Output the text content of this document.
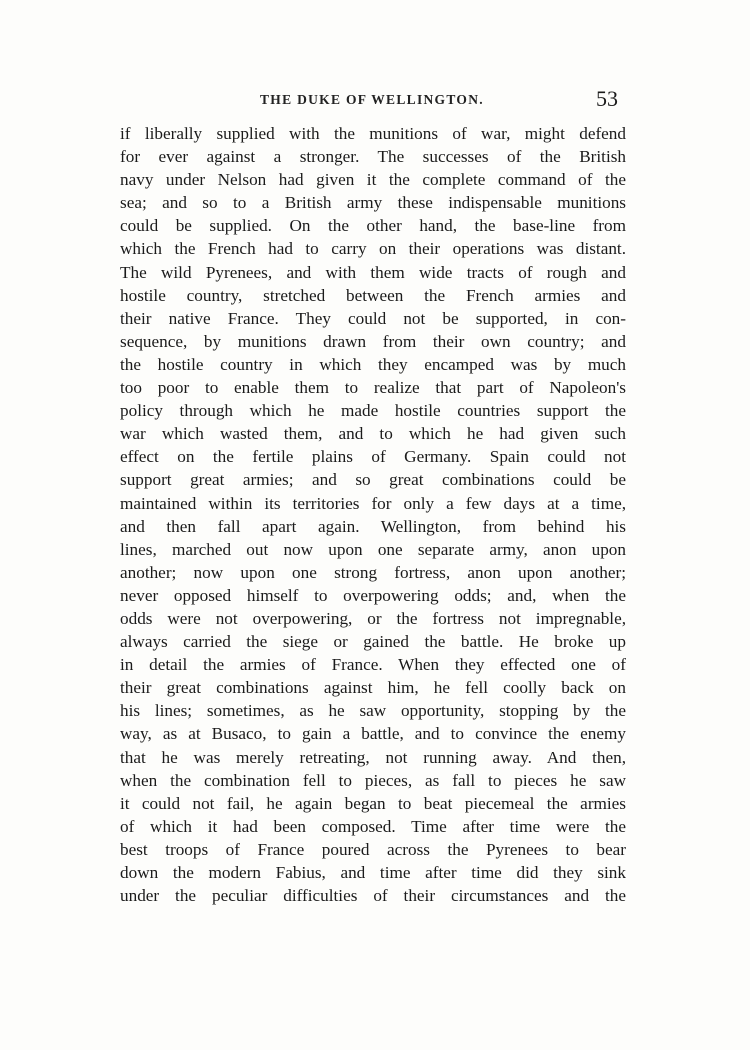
THE DUKE OF WELLINGTON.	53
if liberally supplied with the munitions of war, might defend
for ever against a stronger. The successes of the British
navy under Nelson had given it the complete command of the
sea; and so to a British army these indispensable munitions
could be supplied. On the other hand, the base-line from
which the French had to carry on their operations was distant.
The wild Pyrenees, and with them wide tracts of rough and
hostile country, stretched between the French armies and
their native France. They could not be supported, in con-
sequence, by munitions drawn from their own country; and
the hostile country in which they encamped was by much
too poor to enable them to realize that part of Napoleon's
policy through which he made hostile countries support the
war which wasted them, and to which he had given such
effect on the fertile plains of Germany. Spain could not
support great armies; and so great combinations could be
maintained within its territories for only a few days at a time,
and then fall apart again. Wellington, from behind his
lines, marched out now upon one separate army, anon upon
another; now upon one strong fortress, anon upon another;
never opposed himself to overpowering odds; and, when the
odds were not overpowering, or the fortress not impregnable,
always carried the siege or gained the battle. He broke up
in detail the armies of France. When they effected one of
their great combinations against him, he fell coolly back on
his lines; sometimes, as he saw opportunity, stopping by the
way, as at Busaco, to gain a battle, and to convince the enemy
that he was merely retreating, not running away. And then,
when the combination fell to pieces, as fall to pieces he saw
it could not fail, he again began to beat piecemeal the armies
of which it had been composed. Time after time were the
best troops of France poured across the Pyrenees to bear
down the modern Fabius, and time after time did they sink
under the peculiar difficulties of their circumstances and the
